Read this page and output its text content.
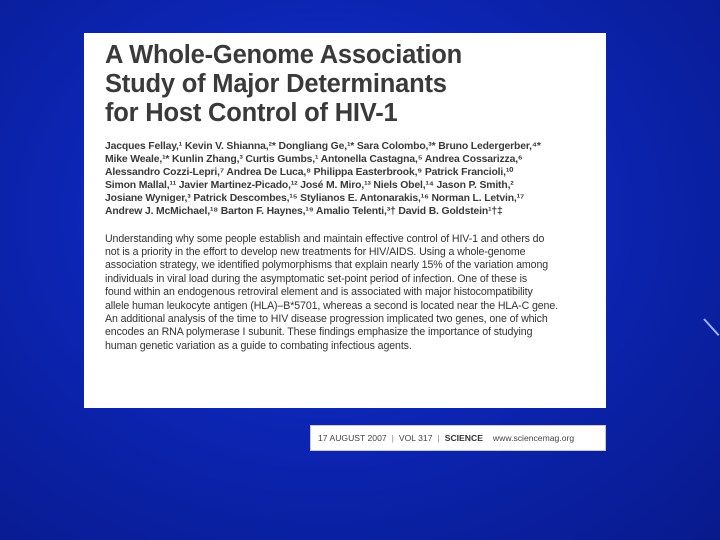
A Whole-Genome Association
Study of Major Determinants
for Host Control of HIV-1
Jacques Fellay,¹ Kevin V. Shianna,²* Dongliang Ge,¹* Sara Colombo,³* Bruno Ledergerber,⁴*
Mike Weale,¹* Kunlin Zhang,³ Curtis Gumbs,¹ Antonella Castagna,⁵ Andrea Cossarizza,⁶
Alessandro Cozzi-Lepri,⁷ Andrea De Luca,⁸ Philippa Easterbrook,⁹ Patrick Francioli,¹⁰
Simon Mallal,¹¹ Javier Martinez-Picado,¹² José M. Miro,¹³ Niels Obel,¹⁴ Jason P. Smith,²
Josiane Wyniger,³ Patrick Descombes,¹⁵ Stylianos E. Antonarakis,¹⁶ Norman L. Letvin,¹⁷
Andrew J. McMichael,¹⁸ Barton F. Haynes,¹⁹ Amalio Telenti,³† David B. Goldstein¹†‡
Understanding why some people establish and maintain effective control of HIV-1 and others do
not is a priority in the effort to develop new treatments for HIV/AIDS. Using a whole-genome
association strategy, we identified polymorphisms that explain nearly 15% of the variation among
individuals in viral load during the asymptomatic set-point period of infection. One of these is
found within an endogenous retroviral element and is associated with major histocompatibility
allele human leukocyte antigen (HLA)–B*5701, whereas a second is located near the HLA-C gene.
An additional analysis of the time to HIV disease progression implicated two genes, one of which
encodes an RNA polymerase I subunit. These findings emphasize the importance of studying
human genetic variation as a guide to combating infectious agents.
17 AUGUST 2007 | VOL 317 | SCIENCE www.sciencemag.org
